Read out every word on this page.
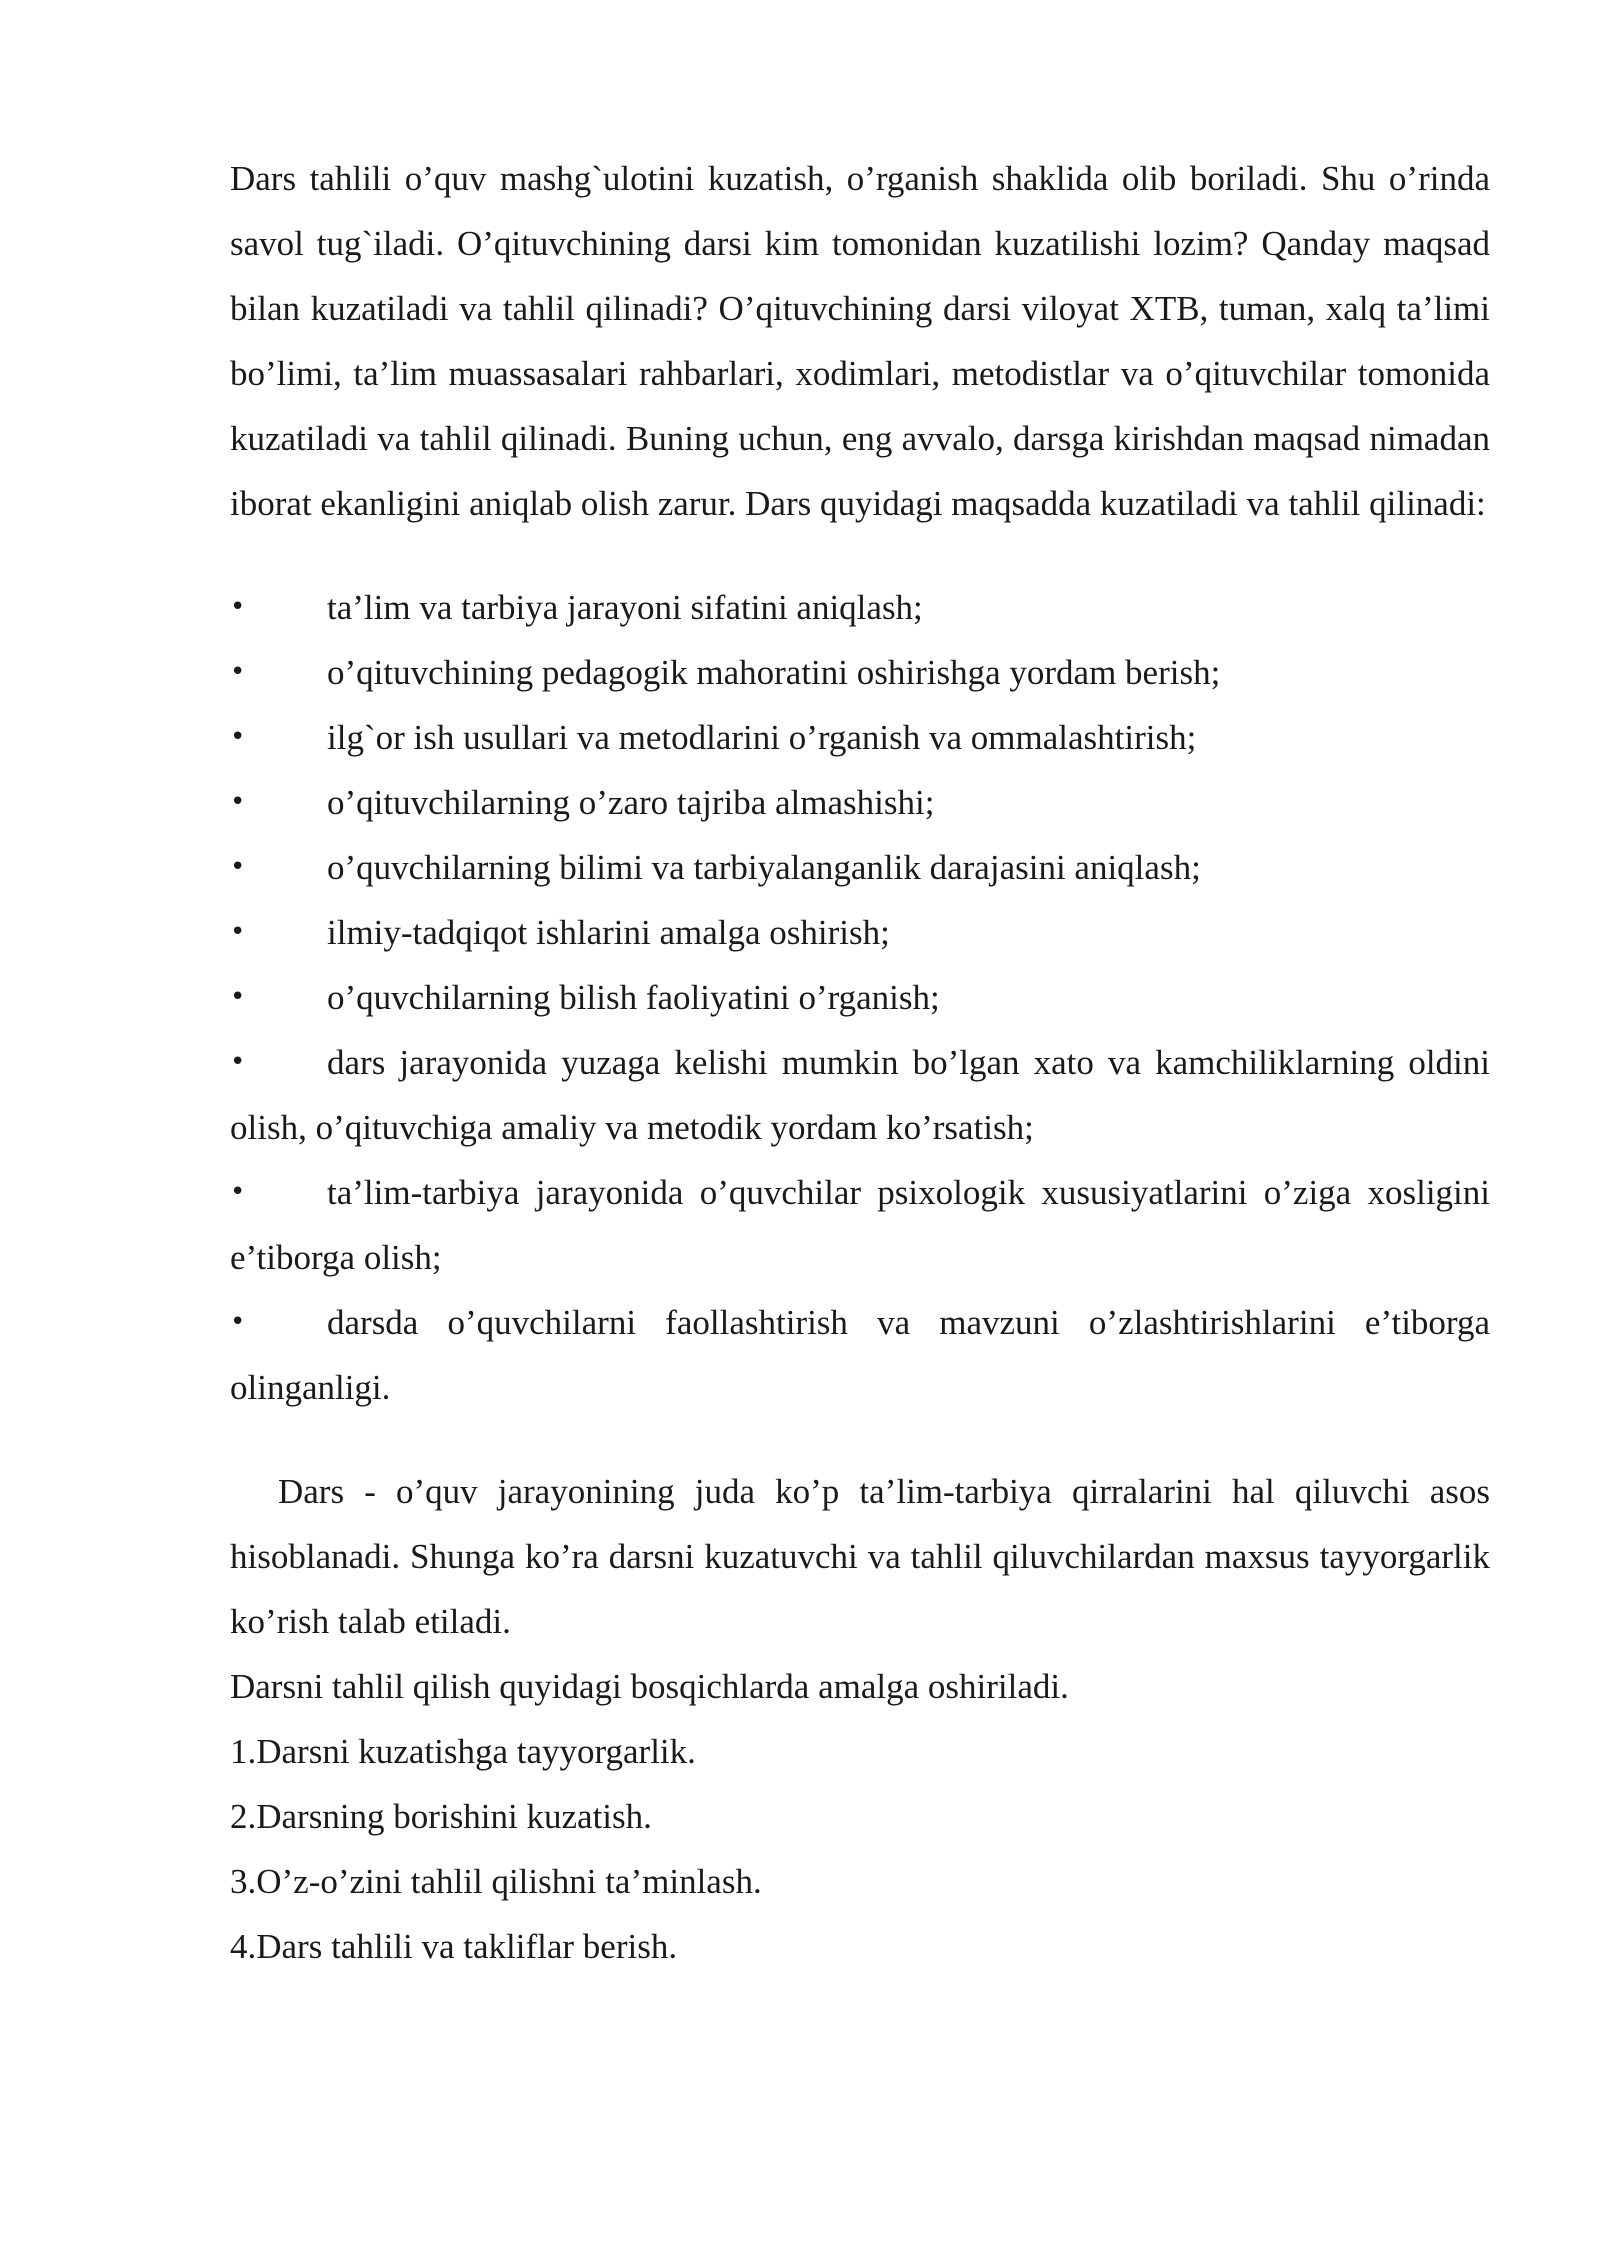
Dars tahlili o’quv mashg`ulotini kuzatish, o’rganish shaklida olib boriladi. Shu o’rinda savol tug`iladi. O’qituvchining darsi kim tomonidan kuzatilishi lozim? Qanday maqsad bilan kuzatiladi va tahlil qilinadi? O’qituvchining darsi viloyat XTB, tuman, xalq ta’limi bo’limi, ta’lim muassasalari rahbarlari, xodimlari, metodistlar va o’qituvchilar tomonida kuzatiladi va tahlil qilinadi. Buning uchun, eng avvalo, darsga kirishdan maqsad nimadan iborat ekanligini aniqlab olish zarur. Dars quyidagi maqsadda kuzatiladi va tahlil qilinadi:

• ta’lim va tarbiya jarayoni sifatini aniqlash;
• o’qituvchining pedagogik mahoratini oshirishga yordam berish;
• ilg`or ish usullari va metodlarini o’rganish va ommalashtirish;
• o’qituvchilarning o’zaro tajriba almashishi;
• o’quvchilarning bilimi va tarbiyalanganlik darajasini aniqlash;
• ilmiy-tadqiqot ishlarini amalga oshirish;
• o’quvchilarning bilish faoliyatini o’rganish;
• dars jarayonida yuzaga kelishi mumkin bo’lgan xato va kamchiliklarning oldini olish, o’qituvchiga amaliy va metodik yordam ko’rsatish;
• ta’lim-tarbiya jarayonida o’quvchilar psixologik xususiyatlarini o’ziga xosligini e’tiborga olish;
• darsda o’quvchilarni faollashtirish va mavzuni o’zlashtirishlarini e’tiborga olinganligi.

Dars - o’quv jarayonining juda ko’p ta’lim-tarbiya qirralarini hal qiluvchi asos hisoblanadi. Shunga ko’ra darsni kuzatuvchi va tahlil qiluvchilardan maxsus tayyorgarlik ko’rish talab etiladi.

Darsni tahlil qilish quyidagi bosqichlarda amalga oshiriladi.

1.Darsni kuzatishga tayyorgarlik.
2.Darsning borishini kuzatish.
3.O’z-o’zini tahlil qilishni ta’minlash.
4.Dars tahlili va takliflar berish.
